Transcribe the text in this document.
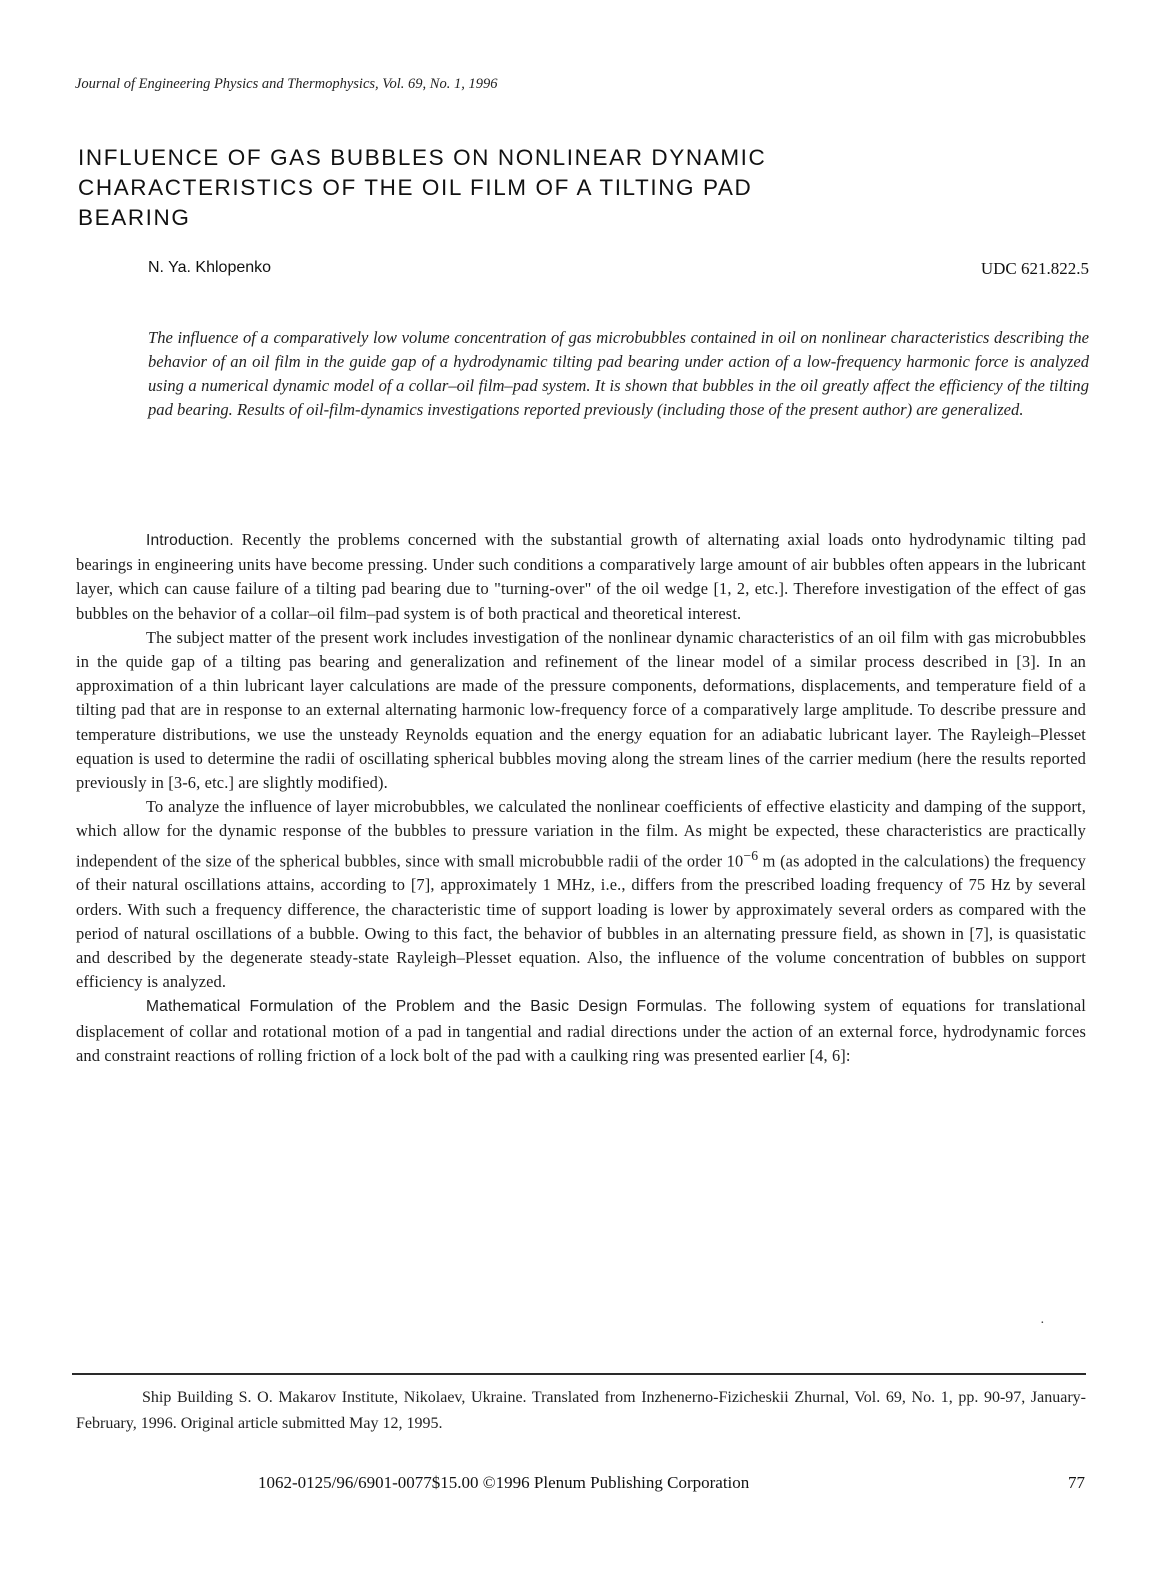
Journal of Engineering Physics and Thermophysics, Vol. 69, No. 1, 1996
INFLUENCE OF GAS BUBBLES ON NONLINEAR DYNAMIC CHARACTERISTICS OF THE OIL FILM OF A TILTING PAD BEARING
N. Ya. Khlopenko	UDC 621.822.5
The influence of a comparatively low volume concentration of gas microbubbles contained in oil on nonlinear characteristics describing the behavior of an oil film in the guide gap of a hydrodynamic tilting pad bearing under action of a low-frequency harmonic force is analyzed using a numerical dynamic model of a collar–oil film–pad system. It is shown that bubbles in the oil greatly affect the efficiency of the tilting pad bearing. Results of oil-film-dynamics investigations reported previously (including those of the present author) are generalized.

Introduction. Recently the problems concerned with the substantial growth of alternating axial loads onto hydrodynamic tilting pad bearings in engineering units have become pressing. Under such conditions a comparatively large amount of air bubbles often appears in the lubricant layer, which can cause failure of a tilting pad bearing due to "turning-over" of the oil wedge [1, 2, etc.]. Therefore investigation of the effect of gas bubbles on the behavior of a collar–oil film–pad system is of both practical and theoretical interest.

The subject matter of the present work includes investigation of the nonlinear dynamic characteristics of an oil film with gas microbubbles in the quide gap of a tilting pas bearing and generalization and refinement of the linear model of a similar process described in [3]. In an approximation of a thin lubricant layer calculations are made of the pressure components, deformations, displacements, and temperature field of a tilting pad that are in response to an external alternating harmonic low-frequency force of a comparatively large amplitude. To describe pressure and temperature distributions, we use the unsteady Reynolds equation and the energy equation for an adiabatic lubricant layer. The Rayleigh–Plesset equation is used to determine the radii of oscillating spherical bubbles moving along the stream lines of the carrier medium (here the results reported previously in [3-6, etc.] are slightly modified).

To analyze the influence of layer microbubbles, we calculated the nonlinear coefficients of effective elasticity and damping of the support, which allow for the dynamic response of the bubbles to pressure variation in the film. As might be expected, these characteristics are practically independent of the size of the spherical bubbles, since with small microbubble radii of the order $10^{-6}$ m (as adopted in the calculations) the frequency of their natural oscillations attains, according to [7], approximately 1 MHz, i.e., differs from the prescribed loading frequency of 75 Hz by several orders. With such a frequency difference, the characteristic time of support loading is lower by approximately several orders as compared with the period of natural oscillations of a bubble. Owing to this fact, the behavior of bubbles in an alternating pressure field, as shown in [7], is quasistatic and described by the degenerate steady-state Rayleigh–Plesset equation. Also, the influence of the volume concentration of bubbles on support efficiency is analyzed.

Mathematical Formulation of the Problem and the Basic Design Formulas. The following system of equations for translational displacement of collar and rotational motion of a pad in tangential and radial directions under the action of an external force, hydrodynamic forces and constraint reactions of rolling friction of a lock bolt of the pad with a caulking ring was presented earlier [4, 6]:

·
Ship Building S. O. Makarov Institute, Nikolaev, Ukraine. Translated from Inzhenerno-Fizicheskii Zhurnal, Vol. 69, No. 1, pp. 90-97, January-February, 1996. Original article submitted May 12, 1995.
1062-0125/96/6901-0077$15.00 ©1996 Plenum Publishing Corporation	77
